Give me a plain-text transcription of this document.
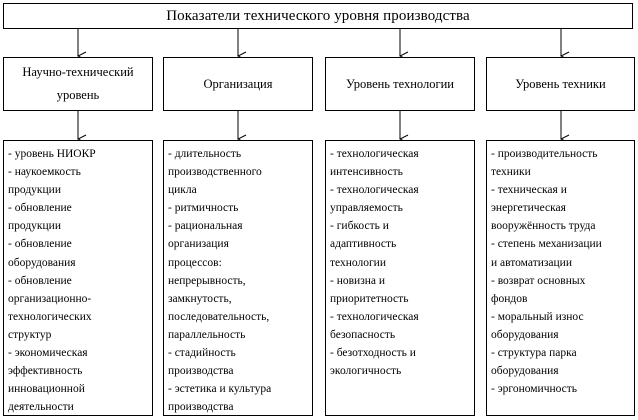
Показатели технического уровня производства
Научно-технический
уровень
Организация	Уровень технологии	Уровень техники
- уровень НИОКР
- наукоемкость
продукции
- обновление
продукции
- обновление
оборудования
- обновление
организационно-
технологических
структур
- экономическая
эффективность
инновационной
деятельности
- длительность
производственного
цикла
- ритмичность
- рациональная
организация
процессов:
непрерывность,
замкнутость,
последовательность,
параллельность
- стадийность
производства
- эстетика и культура
производства
- технологическая
интенсивность
- технологическая
управляемость
- гибкость и
адаптивность
технологии
- новизна и
приоритетность
- технологическая
безопасность
- безотходность и
экологичность
- производительность
техники
- техническая и
энергетическая
вооружённость труда
- степень механизации
и автоматизации
- возврат основных
фондов
- моральный износ
оборудования
- структура парка
оборудования
- эргономичность
